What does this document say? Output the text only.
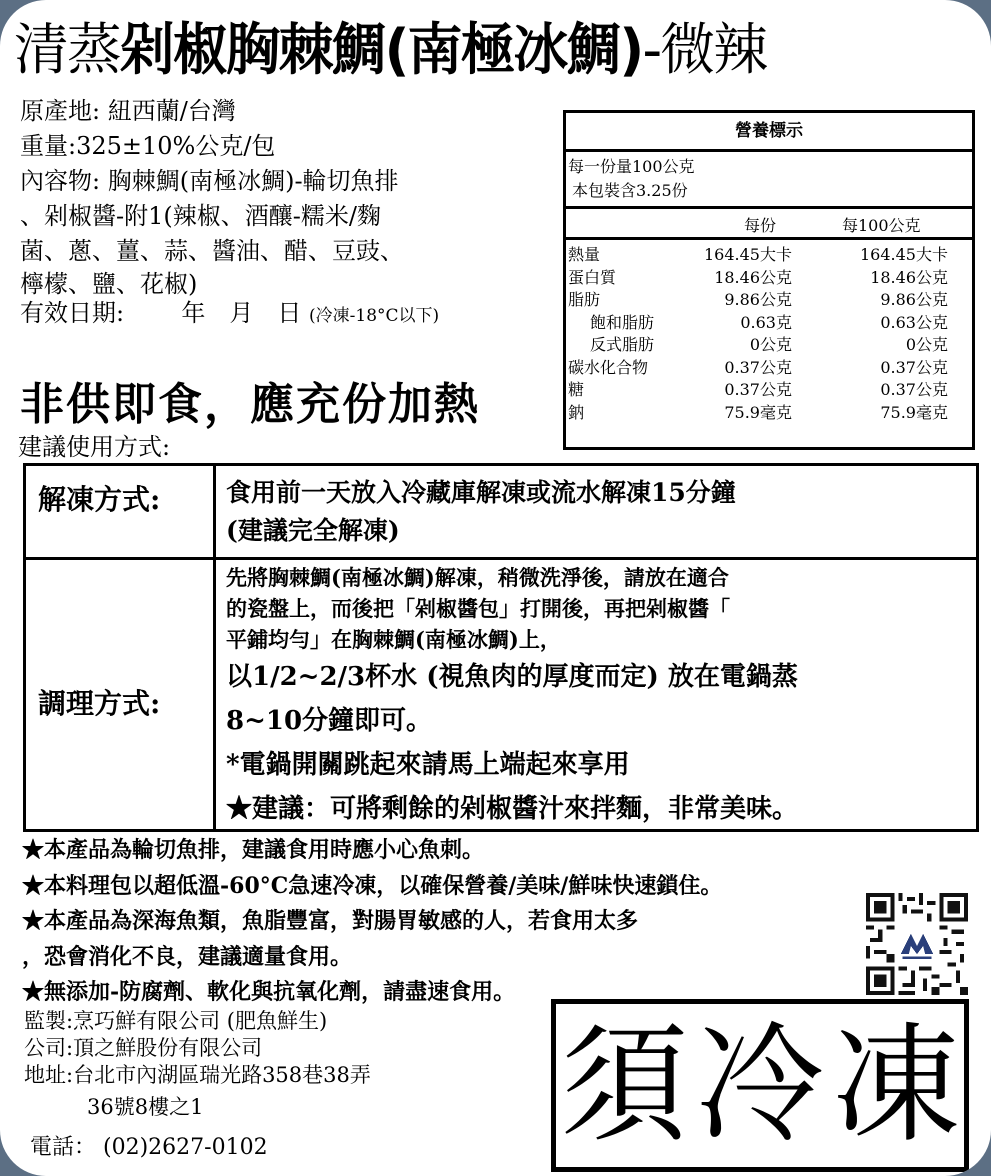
清蒸剁椒胸棘鯛(南極冰鯛)-微辣
原產地: 紐西蘭/台灣
重量:325±10%公克/包
內容物: 胸棘鯛(南極冰鯛)-輪切魚排
、剁椒醬-附1(辣椒、酒釀-糯米/麴
菌、蔥、薑、蒜、醬油、醋、豆豉、
檸檬、鹽、花椒)
有效日期: 年　月　日 (冷凍-18°C以下)
非供即食，應充份加熱
建議使用方式:
營養標示
每一份量100公克
本包裝含3.25份
每份	每100公克
熱量	164.45大卡	164.45大卡
蛋白質	18.46公克	18.46公克
脂肪	9.86公克	9.86公克
飽和脂肪	0.63克	0.63公克
反式脂肪	0公克	0公克
碳水化合物	0.37公克	0.37公克
糖	0.37公克	0.37公克
鈉	75.9毫克	75.9毫克
解凍方式:	食用前一天放入冷藏庫解凍或流水解凍15分鐘
(建議完全解凍)
調理方式:
先將胸棘鯛(南極冰鯛)解凍，稍微洗淨後，請放在適合
的瓷盤上，而後把「剁椒醬包」打開後，再把剁椒醬「
平鋪均勻」在胸棘鯛(南極冰鯛)上，
以1/2~2/3杯水 (視魚肉的厚度而定) 放在電鍋蒸
8~10分鐘即可。
*電鍋開關跳起來請馬上端起來享用
★建議：可將剩餘的剁椒醬汁來拌麵，非常美味。
★本產品為輪切魚排，建議食用時應小心魚刺。
★本料理包以超低溫-60°C急速冷凍，以確保營養/美味/鮮味快速鎖住。
★本產品為深海魚類，魚脂豐富，對腸胃敏感的人，若食用太多
，恐會消化不良，建議適量食用。
★無添加-防腐劑、軟化與抗氧化劑，請盡速食用。
監製:烹巧鮮有限公司 (肥魚鮮生)
公司:頂之鮮股份有限公司
地址:台北市內湖區瑞光路358巷38弄
　　　36號8樓之1
電話： (02)2627-0102 須 冷 凍
